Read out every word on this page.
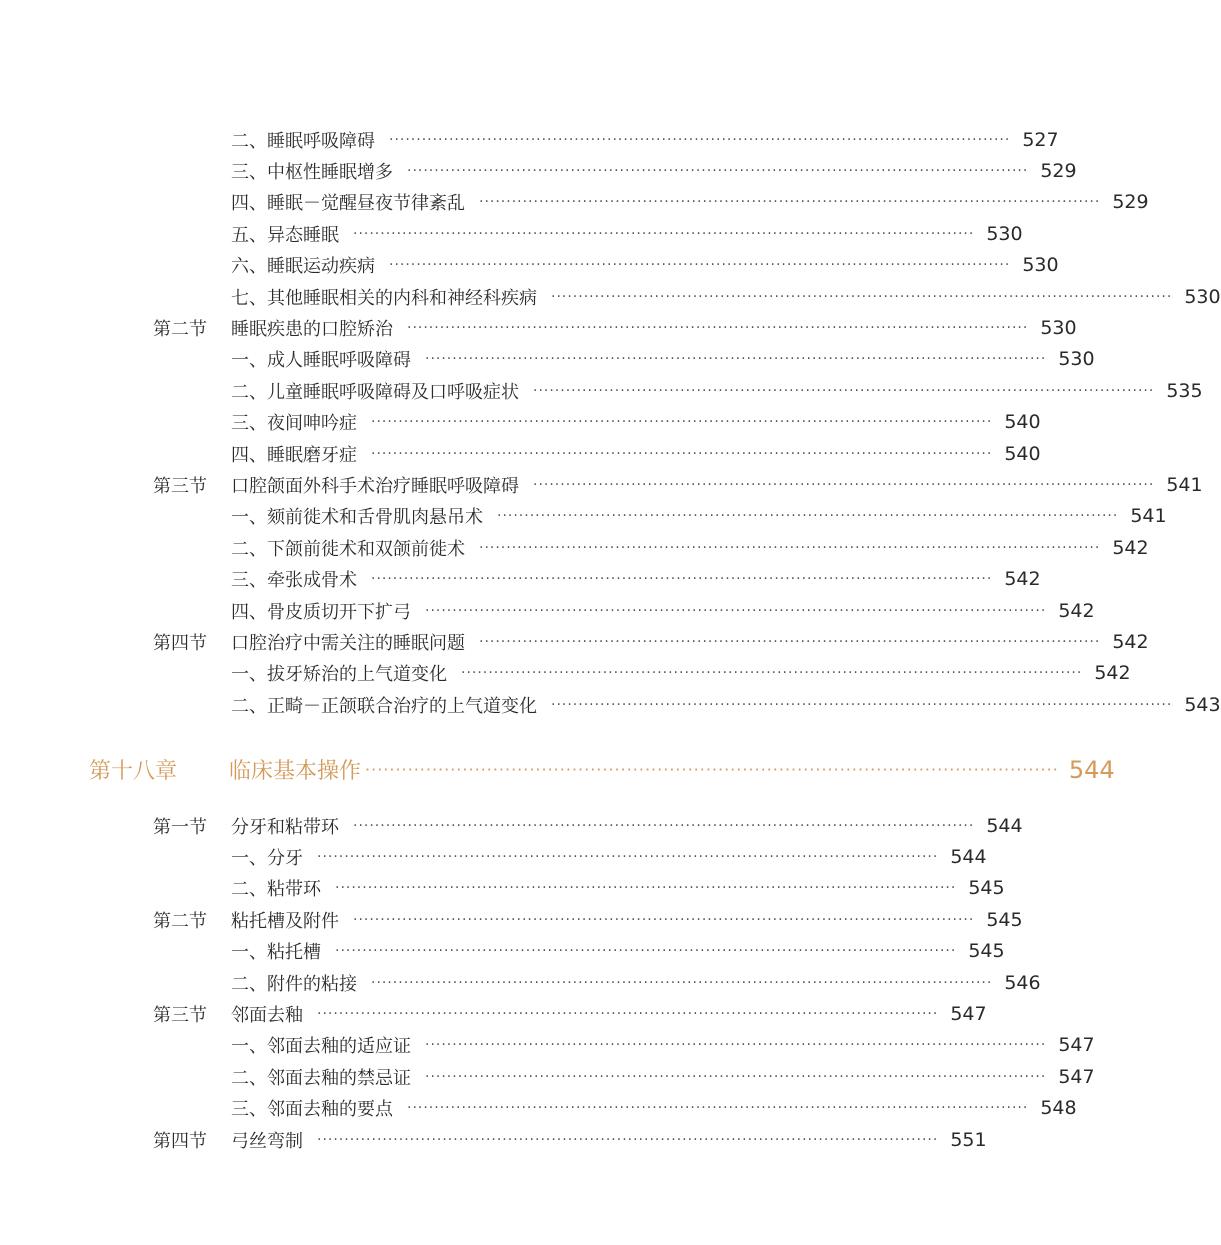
二、睡眠呼吸障碍 ·················································································································· 527
三、中枢性睡眠增多 ·················································································································· 529
四、睡眠－觉醒昼夜节律紊乱 ·················································································································· 529
五、异态睡眠 ·················································································································· 530
六、睡眠运动疾病 ·················································································································· 530
七、其他睡眠相关的内科和神经科疾病 ·················································································································· 530
第二节	睡眠疾患的口腔矫治 ·················································································································· 530
一、成人睡眠呼吸障碍 ·················································································································· 530
二、儿童睡眠呼吸障碍及口呼吸症状 ·················································································································· 535
三、夜间呻吟症 ·················································································································· 540
四、睡眠磨牙症 ·················································································································· 540
第三节	口腔颌面外科手术治疗睡眠呼吸障碍 ·················································································································· 541
一、颏前徙术和舌骨肌肉悬吊术 ·················································································································· 541
二、下颌前徙术和双颌前徙术 ·················································································································· 542
三、牵张成骨术 ·················································································································· 542
四、骨皮质切开下扩弓 ·················································································································· 542
第四节	口腔治疗中需关注的睡眠问题 ·················································································································· 542
一、拔牙矫治的上气道变化 ·················································································································· 542
二、正畸－正颌联合治疗的上气道变化 ·················································································································· 543
第十八章	临床基本操作 ·················································································································· 544
第一节	分牙和粘带环 ·················································································································· 544
一、分牙 ·················································································································· 544
二、粘带环 ·················································································································· 545
第二节	粘托槽及附件 ·················································································································· 545
一、粘托槽 ·················································································································· 545
二、附件的粘接 ·················································································································· 546
第三节	邻面去釉 ·················································································································· 547
一、邻面去釉的适应证 ·················································································································· 547
二、邻面去釉的禁忌证 ·················································································································· 547
三、邻面去釉的要点 ·················································································································· 548
第四节	弓丝弯制 ·················································································································· 551
